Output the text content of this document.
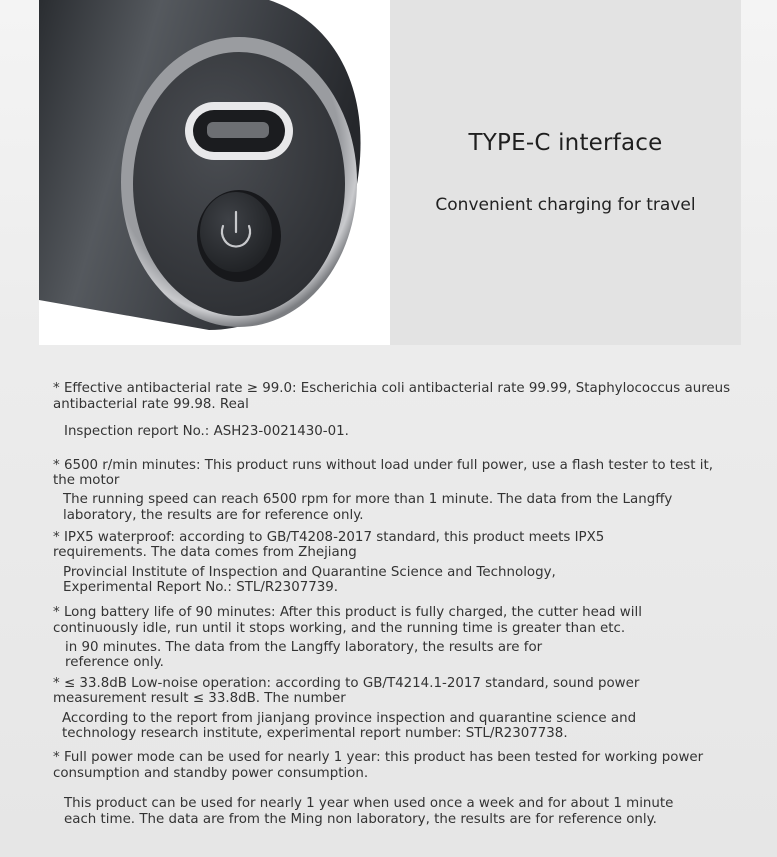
TYPE-C interface
Convenient charging for travel
* Effective antibacterial rate ≥ 99.0: Escherichia coli antibacterial rate 99.99, Staphylococcus aureus
antibacterial rate 99.98. Real
Inspection report No.: ASH23-0021430-01.
* 6500 r/min minutes: This product runs without load under full power, use a flash tester to test it,
the motor
The running speed can reach 6500 rpm for more than 1 minute. The data from the Langffy
laboratory, the results are for reference only.
* IPX5 waterproof: according to GB/T4208-2017 standard, this product meets IPX5
requirements. The data comes from Zhejiang
Provincial Institute of Inspection and Quarantine Science and Technology,
Experimental Report No.: STL/R2307739.
* Long battery life of 90 minutes: After this product is fully charged, the cutter head will
continuously idle, run until it stops working, and the running time is greater than etc.
in 90 minutes. The data from the Langffy laboratory, the results are for
reference only.
* ≤ 33.8dB Low-noise operation: according to GB/T4214.1-2017 standard, sound power
measurement result ≤ 33.8dB. The number
According to the report from jianjang province inspection and quarantine science and
technology research institute, experimental report number: STL/R2307738.
* Full power mode can be used for nearly 1 year: this product has been tested for working power
consumption and standby power consumption.
This product can be used for nearly 1 year when used once a week and for about 1 minute
each time. The data are from the Ming non laboratory, the results are for reference only.
